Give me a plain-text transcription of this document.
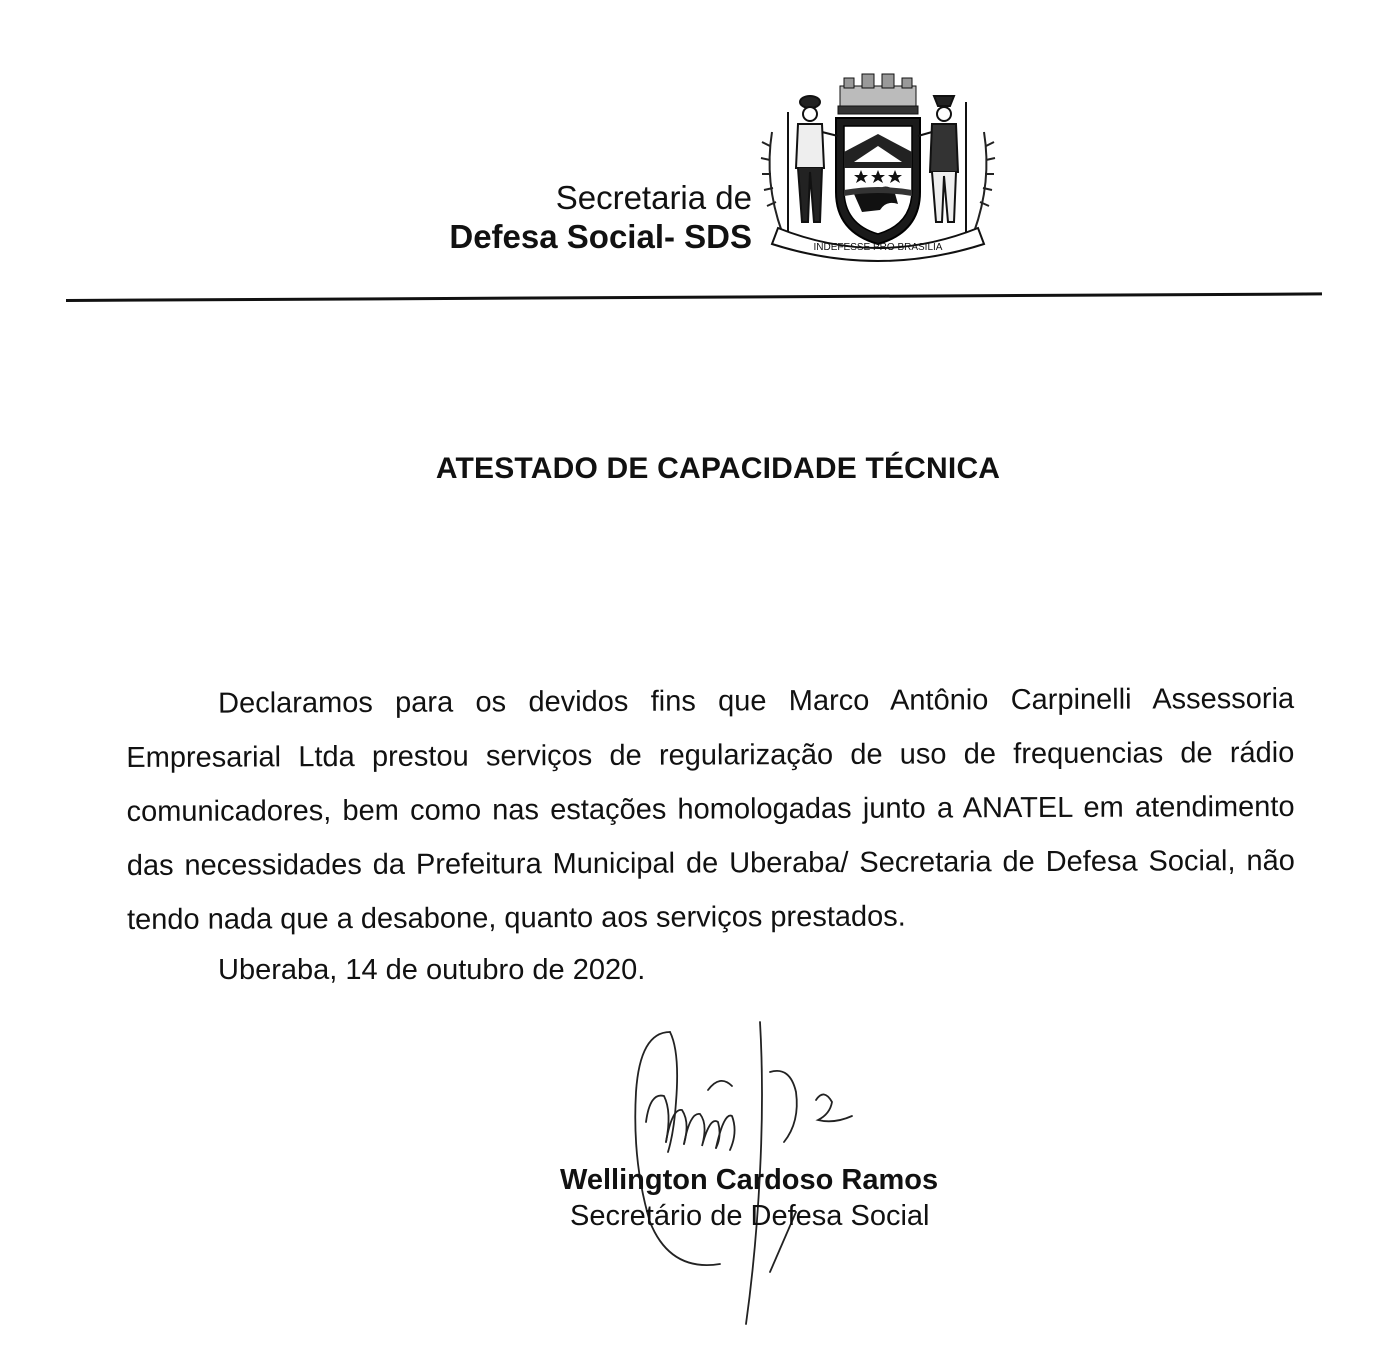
Secretaria de
Defesa Social- SDS	INDEFESSE PRO BRASILIA
ATESTADO DE CAPACIDADE TÉCNICA
Declaramos para os devidos fins que Marco Antônio Carpinelli Assessoria Empresarial Ltda prestou serviços de regularização de uso de frequencias de rádio comunicadores, bem como nas estações homologadas junto a ANATEL em atendimento das necessidades da Prefeitura Municipal de Uberaba/ Secretaria de Defesa Social, não tendo nada que a desabone, quanto aos serviços prestados.
Uberaba, 14 de outubro de 2020.
Wellington Cardoso Ramos
Secretário de Defesa Social
